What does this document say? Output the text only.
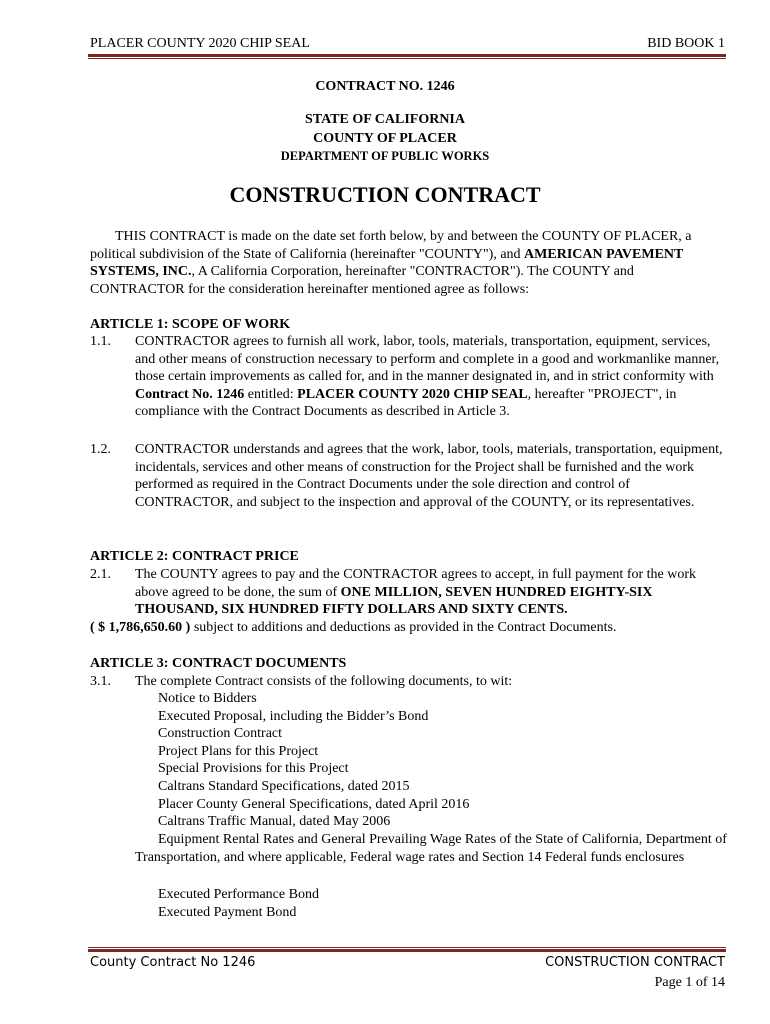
PLACER COUNTY 2020 CHIP SEAL	BID BOOK 1
CONTRACT NO. 1246
STATE OF CALIFORNIA
COUNTY OF PLACER
DEPARTMENT OF PUBLIC WORKS
CONSTRUCTION CONTRACT
THIS CONTRACT is made on the date set forth below, by and between the COUNTY OF PLACER, a political subdivision of the State of California (hereinafter "COUNTY"), and AMERICAN PAVEMENT SYSTEMS, INC., A California Corporation, hereinafter "CONTRACTOR"). The COUNTY and CONTRACTOR for the consideration hereinafter mentioned agree as follows:
ARTICLE 1: SCOPE OF WORK
1.1.	CONTRACTOR agrees to furnish all work, labor, tools, materials, transportation, equipment, services, and other means of construction necessary to perform and complete in a good and workmanlike manner, those certain improvements as called for, and in the manner designated in, and in strict conformity with Contract No. 1246 entitled: PLACER COUNTY 2020 CHIP SEAL, hereafter "PROJECT", in compliance with the Contract Documents as described in Article 3.
1.2.	CONTRACTOR understands and agrees that the work, labor, tools, materials, transportation, equipment, incidentals, services and other means of construction for the Project shall be furnished and the work performed as required in the Contract Documents under the sole direction and control of CONTRACTOR, and subject to the inspection and approval of the COUNTY, or its representatives.
ARTICLE 2: CONTRACT PRICE
2.1.	The COUNTY agrees to pay and the CONTRACTOR agrees to accept, in full payment for the work above agreed to be done, the sum of ONE MILLION, SEVEN HUNDRED EIGHTY-SIX THOUSAND, SIX HUNDRED FIFTY DOLLARS AND SIXTY CENTS.
( $ 1,786,650.60 ) subject to additions and deductions as provided in the Contract Documents.
ARTICLE 3: CONTRACT DOCUMENTS
3.1.	The complete Contract consists of the following documents, to wit:
Notice to Bidders
Executed Proposal, including the Bidder’s Bond
Construction Contract
Project Plans for this Project
Special Provisions for this Project
Caltrans Standard Specifications, dated 2015
Placer County General Specifications, dated April 2016
Caltrans Traffic Manual, dated May 2006
Equipment Rental Rates and General Prevailing Wage Rates of the State of California, Department of Transportation, and where applicable, Federal wage rates and Section 14 Federal funds enclosures
Executed Performance Bond
Executed Payment Bond
County Contract No 1246	CONSTRUCTION CONTRACT
Page 1 of 14
